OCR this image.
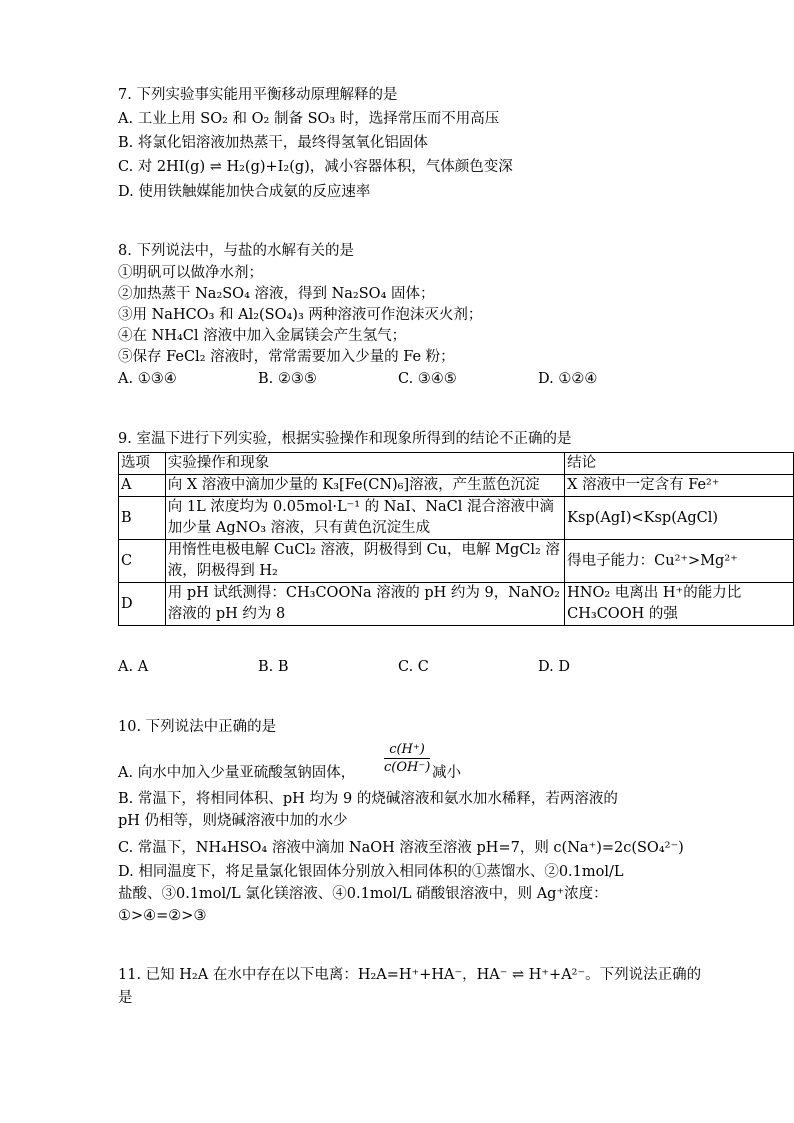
7. 下列实验事实能用平衡移动原理解释的是
A. 工业上用 SO₂ 和 O₂ 制备 SO₃ 时，选择常压而不用高压
B. 将氯化铝溶液加热蒸干，最终得氢氧化铝固体
C. 对 2HI(g) ⇌ H₂(g)+I₂(g)，减小容器体积，气体颜色变深
D. 使用铁触媒能加快合成氨的反应速率
8. 下列说法中，与盐的水解有关的是
①明矾可以做净水剂；
②加热蒸干 Na₂SO₄ 溶液，得到 Na₂SO₄ 固体；
③用 NaHCO₃ 和 Al₂(SO₄)₃ 两种溶液可作泡沫灭火剂；
④在 NH₄Cl 溶液中加入金属镁会产生氢气；
⑤保存 FeCl₂ 溶液时，常常需要加入少量的 Fe 粉；
A. ①③④	B. ②③⑤	C. ③④⑤	D. ①②④
9. 室温下进行下列实验，根据实验操作和现象所得到的结论不正确的是
选项	实验操作和现象	结论
A	向 X 溶液中滴加少量的 K₃[Fe(CN)₆]溶液，产生蓝色沉淀	X 溶液中一定含有 Fe²⁺
B	向 1L 浓度均为 0.05mol·L⁻¹ 的 NaI、NaCl 混合溶液中滴加少量 AgNO₃ 溶液，只有黄色沉淀生成	Ksp(AgI)<Ksp(AgCl)
C	用惰性电极电解 CuCl₂ 溶液，阴极得到 Cu，电解 MgCl₂ 溶液，阴极得到 H₂	得电子能力：Cu²⁺>Mg²⁺
D	用 pH 试纸测得：CH₃COONa 溶液的 pH 约为 9，NaNO₂ 溶液的 pH 约为 8	HNO₂ 电离出 H⁺的能力比 CH₃COOH 的强
A. A	B. B	C. C	D. D
10. 下列说法中正确的是
A. 向水中加入少量亚硫酸氢钠固体，
c(H⁺)
c(OH⁻) 减小
B. 常温下，将相同体积、pH 均为 9 的烧碱溶液和氨水加水稀释，若两溶液的
pH 仍相等，则烧碱溶液中加的水少
C. 常温下，NH₄HSO₄ 溶液中滴加 NaOH 溶液至溶液 pH=7，则 c(Na⁺)=2c(SO₄²⁻)
D. 相同温度下，将足量氯化银固体分别放入相同体积的①蒸馏水、②0.1mol/L
盐酸、③0.1mol/L 氯化镁溶液、④0.1mol/L 硝酸银溶液中，则 Ag⁺浓度：
①>④=②>③
11. 已知 H₂A 在水中存在以下电离：H₂A=H⁺+HA⁻，HA⁻ ⇌ H⁺+A²⁻。下列说法正确的
是
